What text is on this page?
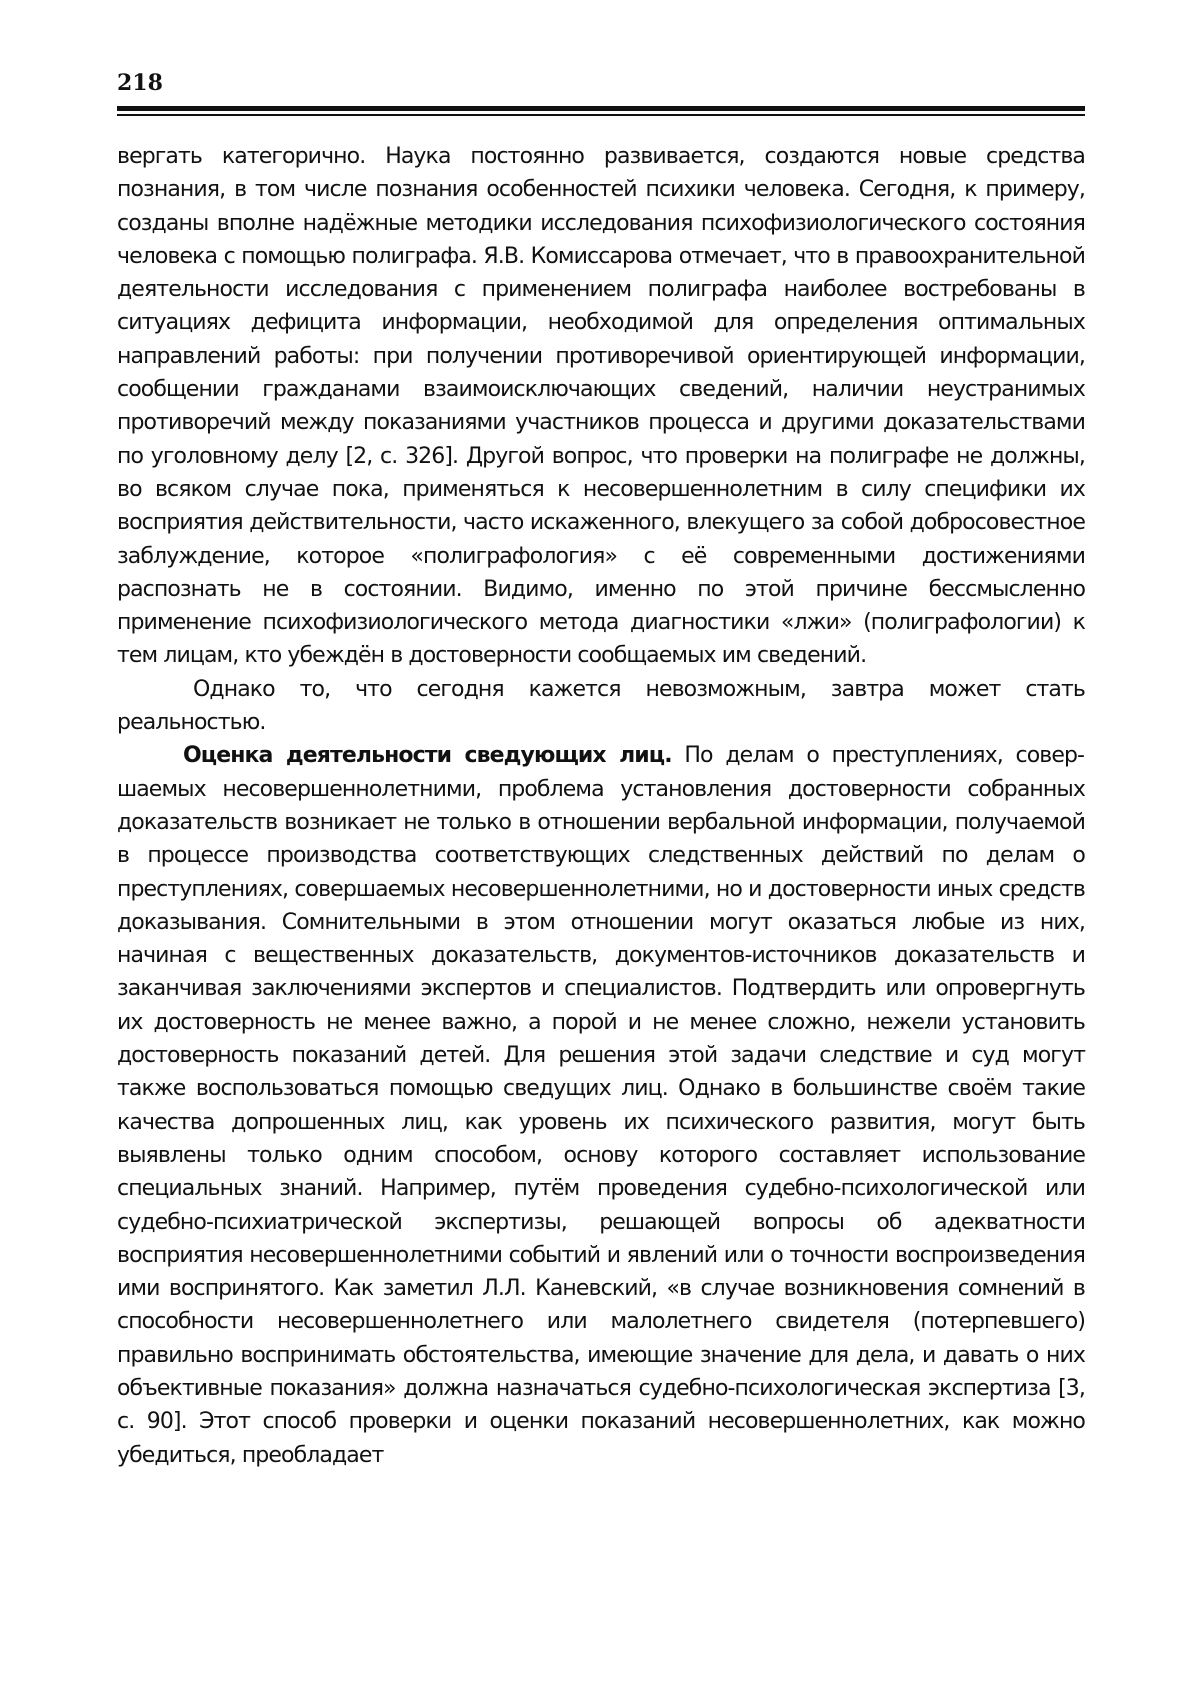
218

вергать категорично. Наука постоянно развивается, создаются новые средства познания, в том числе познания особенностей психики человека. Сегодня, к примеру, созданы вполне надёжные методики исследования психофизиологического состояния человека с помощью полиграфа. Я.В. Комиссарова отмечает, что в правоохранительной деятельности исследования с применением полиграфа наиболее востребованы в ситуациях дефицита информации, необходимой для определения оптимальных направлений работы: при получении противоречивой ориентирующей информации, сообщении гражданами взаимоисключающих сведений, наличии неустранимых противоречий между показаниями участников процесса и другими доказательствами по уголовному делу [2, с. 326]. Другой вопрос, что проверки на полиграфе не должны, во всяком случае пока, применяться к несовершеннолетним в силу специфики их восприятия действительности, часто искаженного, влекущего за собой добросовестное заблуждение, которое «полиграфология» с её современными достижениями распознать не в состоянии. Видимо, именно по этой причине бессмысленно применение психофизиологического метода диагностики «лжи» (полиграфологии) к тем лицам, кто убеждён в достоверности сообщаемых им сведений.

Однако то, что сегодня кажется невозможным, завтра может стать реальностью.

Оценка деятельности сведующих лиц. По делам о преступлениях, совершаемых несовершеннолетними, проблема установления достоверности собранных доказательств возникает не только в отношении вербальной информации, получаемой в процессе производства соответствующих следственных действий по делам о преступлениях, совершаемых несовершеннолетними, но и достоверности иных средств доказывания. Сомнительными в этом отношении могут оказаться любые из них, начиная с вещественных доказательств, документов-источников доказательств и заканчивая заключениями экспертов и специалистов. Подтвердить или опровергнуть их достоверность не менее важно, а порой и не менее сложно, нежели установить достоверность показаний детей. Для решения этой задачи следствие и суд могут также воспользоваться помощью сведущих лиц. Однако в большинстве своём такие качества допрошенных лиц, как уровень их психического развития, могут быть выявлены только одним способом, основу которого составляет использование специальных знаний. Например, путём проведения судебно-психологической или судебно-психиатрической экспертизы, решающей вопросы об адекватности восприятия несовершеннолетними событий и явлений или о точности воспроизведения ими воспринятого. Как заметил Л.Л. Каневский, «в случае возникновения сомнений в способности несовершеннолетнего или малолетнего свидетеля (потерпевшего) правильно воспринимать обстоятельства, имеющие значение для дела, и давать о них объективные показания» должна назначаться судебно-психологическая экспертиза [3, с. 90]. Этот способ проверки и оценки показаний несовершеннолетних, как можно убедиться, преобладает
